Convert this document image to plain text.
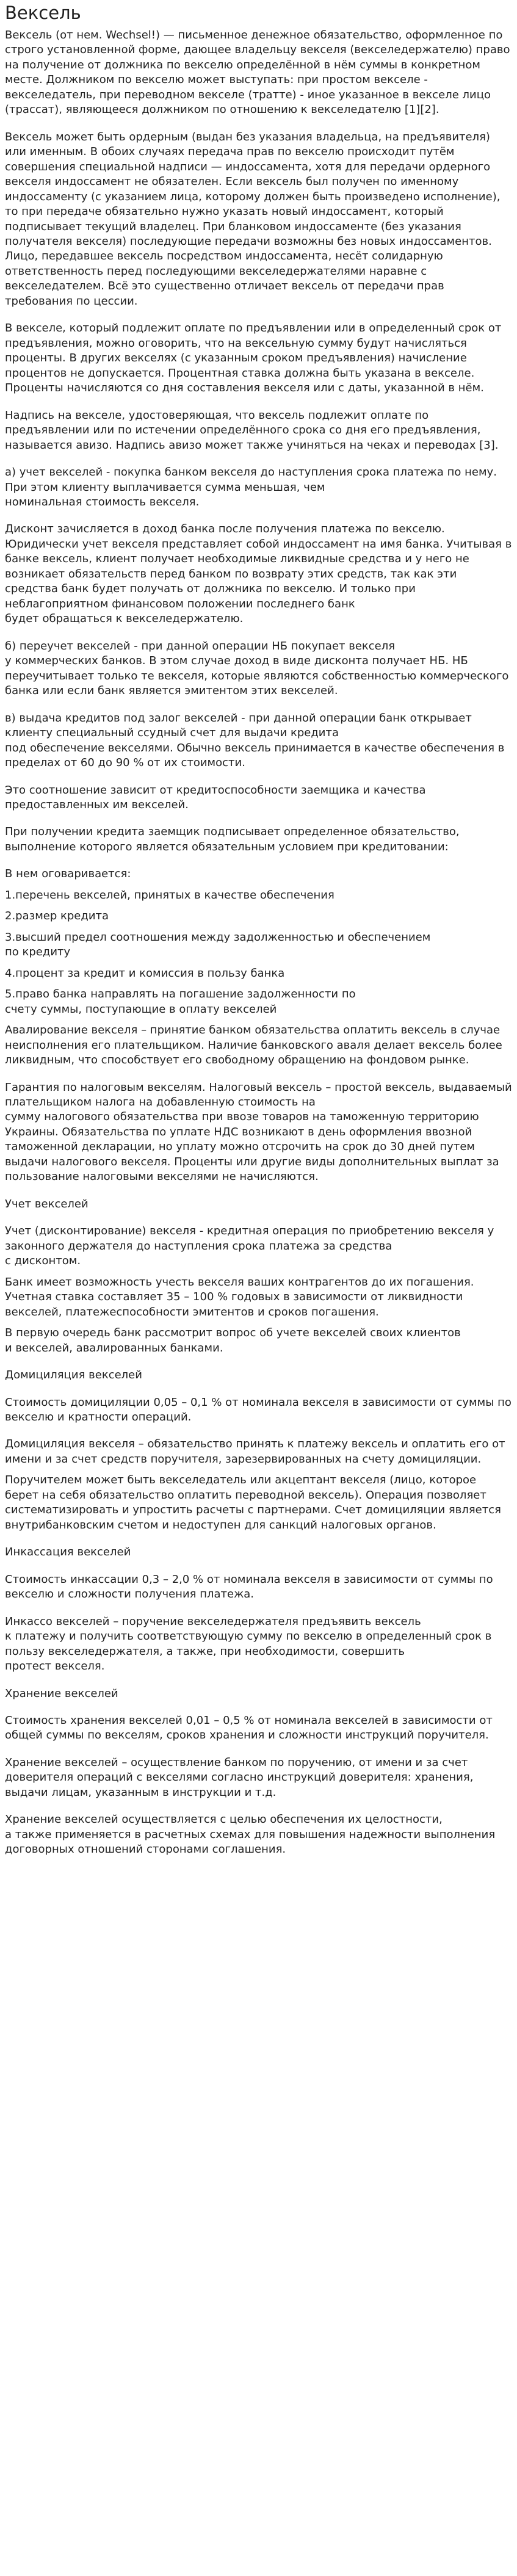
Вексель

Вексель (от нем. Wechsel!) — письменное денежное обязательство, оформленное по строго установленной форме, дающее владельцу векселя (векселедержателю) право на получение от должника по векселю определённой в нём суммы в конкретном месте. Должником по векселю может выступать: при простом векселе - векселедатель, при переводном векселе (тратте) - иное указанное в векселе лицо (трассат), являющееся должником по отношению к векселедателю [1][2].

Вексель может быть ордерным (выдан без указания владельца, на предъявителя) или именным. В обоих случаях передача прав по векселю происходит путём совершения специальной надписи — индоссамента, хотя для передачи ордерного векселя индоссамент не обязателен. Если вексель был получен по именному индоссаменту (с указанием лица, которому должен быть произведено исполнение), то при передаче обязательно нужно указать новый индоссамент, который подписывает текущий владелец. При бланковом индоссаменте (без указания получателя векселя) последующие передачи возможны без новых индоссаментов. Лицо, передавшее вексель посредством индоссамента, несёт солидарную ответственность перед последующими векселедержателями наравне с векселедателем. Всё это существенно отличает вексель от передачи прав требования по цессии.

В векселе, который подлежит оплате по предъявлении или в определенный срок от предъявления, можно оговорить, что на вексельную сумму будут начисляться проценты. В других векселях (с указанным сроком предъявления) начисление процентов не допускается. Процентная ставка должна быть указана в векселе. Проценты начисляются со дня составления векселя или с даты, указанной в нём.

Надпись на векселе, удостоверяющая, что вексель подлежит оплате по предъявлении или по истечении определённого срока со дня его предъявления, называется авизо. Надпись авизо может также учиняться на чеках и переводах [3].

а) учет векселей - покупка банком векселя до наступления срока платежа по нему. При этом клиенту выплачивается сумма меньшая, чем
номинальная стоимость векселя.

Дисконт зачисляется в доход банка после получения платежа по векселю. Юридически учет векселя представляет собой индоссамент на имя банка. Учитывая в банке вексель, клиент получает необходимые ликвидные средства и у него не возникает обязательств перед банком по возврату этих средств, так как эти средства банк будет получать от должника по векселю. И только при неблагоприятном финансовом положении последнего банк
будет обращаться к векселедержателю.

б) переучет векселей - при данной операции НБ покупает векселя
у коммерческих банков. В этом случае доход в виде дисконта получает НБ. НБ переучитывает только те векселя, которые являются собственностью коммерческого банка или если банк является эмитентом этих векселей.

в) выдача кредитов под залог векселей - при данной операции банк открывает клиенту специальный ссудный счет для выдачи кредита
под обеспечение векселями. Обычно вексель принимается в качестве обеспечения в пределах от 60 до 90 % от их стоимости.

Это соотношение зависит от кредитоспособности заемщика и качества предоставленных им векселей.

При получении кредита заемщик подписывает определенное обязательство, выполнение которого является обязательным условием при кредитовании:

В нем оговаривается:

1.перечень векселей, принятых в качестве обеспечения

2.размер кредита

3.высший предел соотношения между задолженностью и обеспечением
по кредиту

4.процент за кредит и комиссия в пользу банка

5.право банка направлять на погашение задолженности по
счету суммы, поступающие в оплату векселей

Авалирование векселя – принятие банком обязательства оплатить вексель в случае неисполнения его плательщиком. Наличие банковского аваля делает вексель более ликвидным, что способствует его свободному обращению на фондовом рынке.

Гарантия по налоговым векселям. Налоговый вексель – простой вексель, выдаваемый плательщиком налога на добавленную стоимость на
сумму налогового обязательства при ввозе товаров на таможенную территорию Украины. Обязательства по уплате НДС возникают в день оформления ввозной таможенной декларации, но уплату можно отсрочить на срок до 30 дней путем выдачи налогового векселя. Проценты или другие виды дополнительных выплат за пользование налоговыми векселями не начисляются.

Учет векселей

Учет (дисконтирование) векселя - кредитная операция по приобретению векселя у законного держателя до наступления срока платежа за средства
с дисконтом.

Банк имеет возможность учесть векселя ваших контрагентов до их погашения. Учетная ставка составляет 35 – 100 % годовых в зависимости от ликвидности векселей, платежеспособности эмитентов и сроков погашения.

В первую очередь банк рассмотрит вопрос об учете векселей своих клиентов
и векселей, авалированных банками.

Домициляция векселей

Стоимость домициляции 0,05 – 0,1 % от номинала векселя в зависимости от суммы по векселю и кратности операций.

Домициляция векселя – обязательство принять к платежу вексель и оплатить его от имени и за счет средств поручителя, зарезервированных на счету домициляции.

Поручителем может быть векселедатель или акцептант векселя (лицо, которое берет на себя обязательство оплатить переводной вексель). Операция позволяет систематизировать и упростить расчеты с партнерами. Счет домициляции является внутрибанковским счетом и недоступен для санкций налоговых органов.

Инкассация векселей

Стоимость инкассации 0,3 – 2,0 % от номинала векселя в зависимости от суммы по векселю и сложности получения платежа.

Инкассо векселей – поручение векселедержателя предъявить вексель
к платежу и получить соответствующую сумму по векселю в определенный срок в пользу векселедержателя, а также, при необходимости, совершить
протест векселя.

Хранение векселей

Стоимость хранения векселей 0,01 – 0,5 % от номинала векселей в зависимости от общей суммы по векселям, сроков хранения и сложности инструкций поручителя.

Хранение векселей – осуществление банком по поручению, от имени и за счет доверителя операций с векселями согласно инструкций доверителя: хранения, выдачи лицам, указанным в инструкции и т.д.

Хранение векселей осуществляется с целью обеспечения их целостности,
а также применяется в расчетных схемах для повышения надежности выполнения договорных отношений сторонами соглашения.
